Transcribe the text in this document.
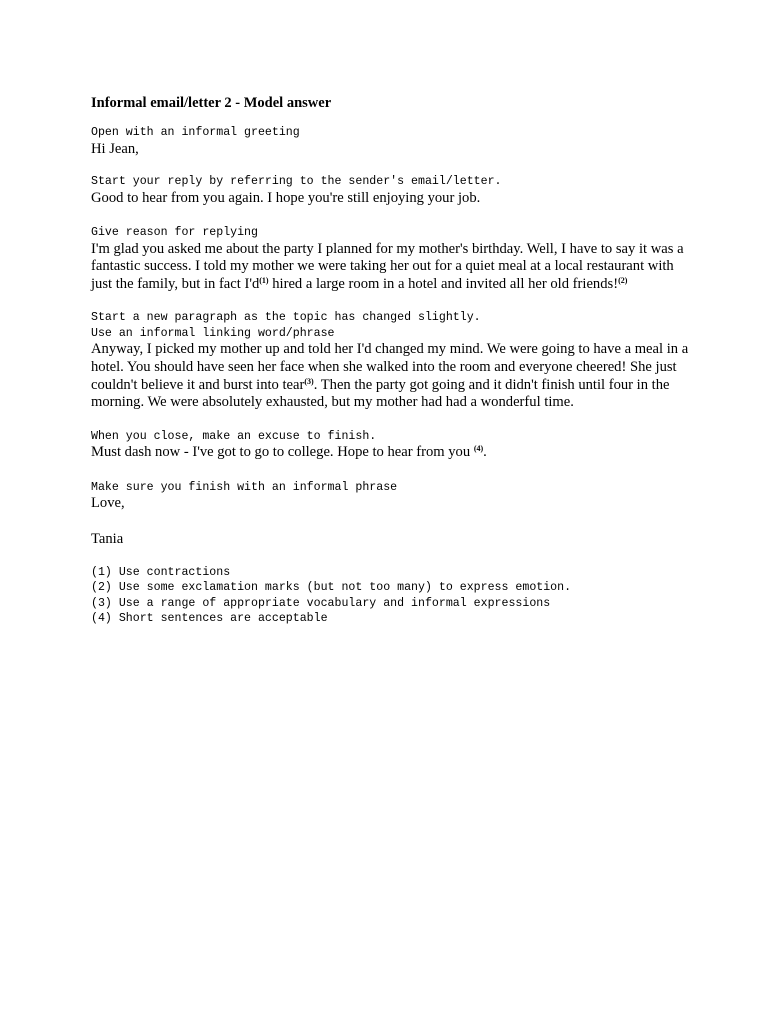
Informal email/letter 2 - Model answer
Open with an informal greeting
Hi Jean,
Start your reply by referring to the sender's email/letter.
Good to hear from you again. I hope you're still enjoying your job.
Give reason for replying
I'm glad you asked me about the party I planned for my mother's birthday. Well, I have to say it was a fantastic success. I told my mother we were taking her out for a quiet meal at a local restaurant with just the family, but in fact $I'd^{(1)}$ hired a large room in a hotel and invited all her old friends!$^{(2)}$
Start a new paragraph as the topic has changed slightly.
Use an informal linking word/phrase
Anyway, I picked my mother up and told her I'd changed my mind. We were going to have a meal in a hotel. You should have seen her face when she walked into the room and everyone cheered! She just couldn't believe it and burst into tear$^{(3)}$. Then the party got going and it didn't finish until four in the morning. We were absolutely exhausted, but my mother had had a wonderful time.
When you close, make an excuse to finish.
Must dash now - I've got to go to college. Hope to hear from you $^{(4)}$.
Make sure you finish with an informal phrase
Love,
Tania
(1) Use contractions
(2) Use some exclamation marks (but not too many) to express emotion.
(3) Use a range of appropriate vocabulary and informal expressions
(4) Short sentences are acceptable
